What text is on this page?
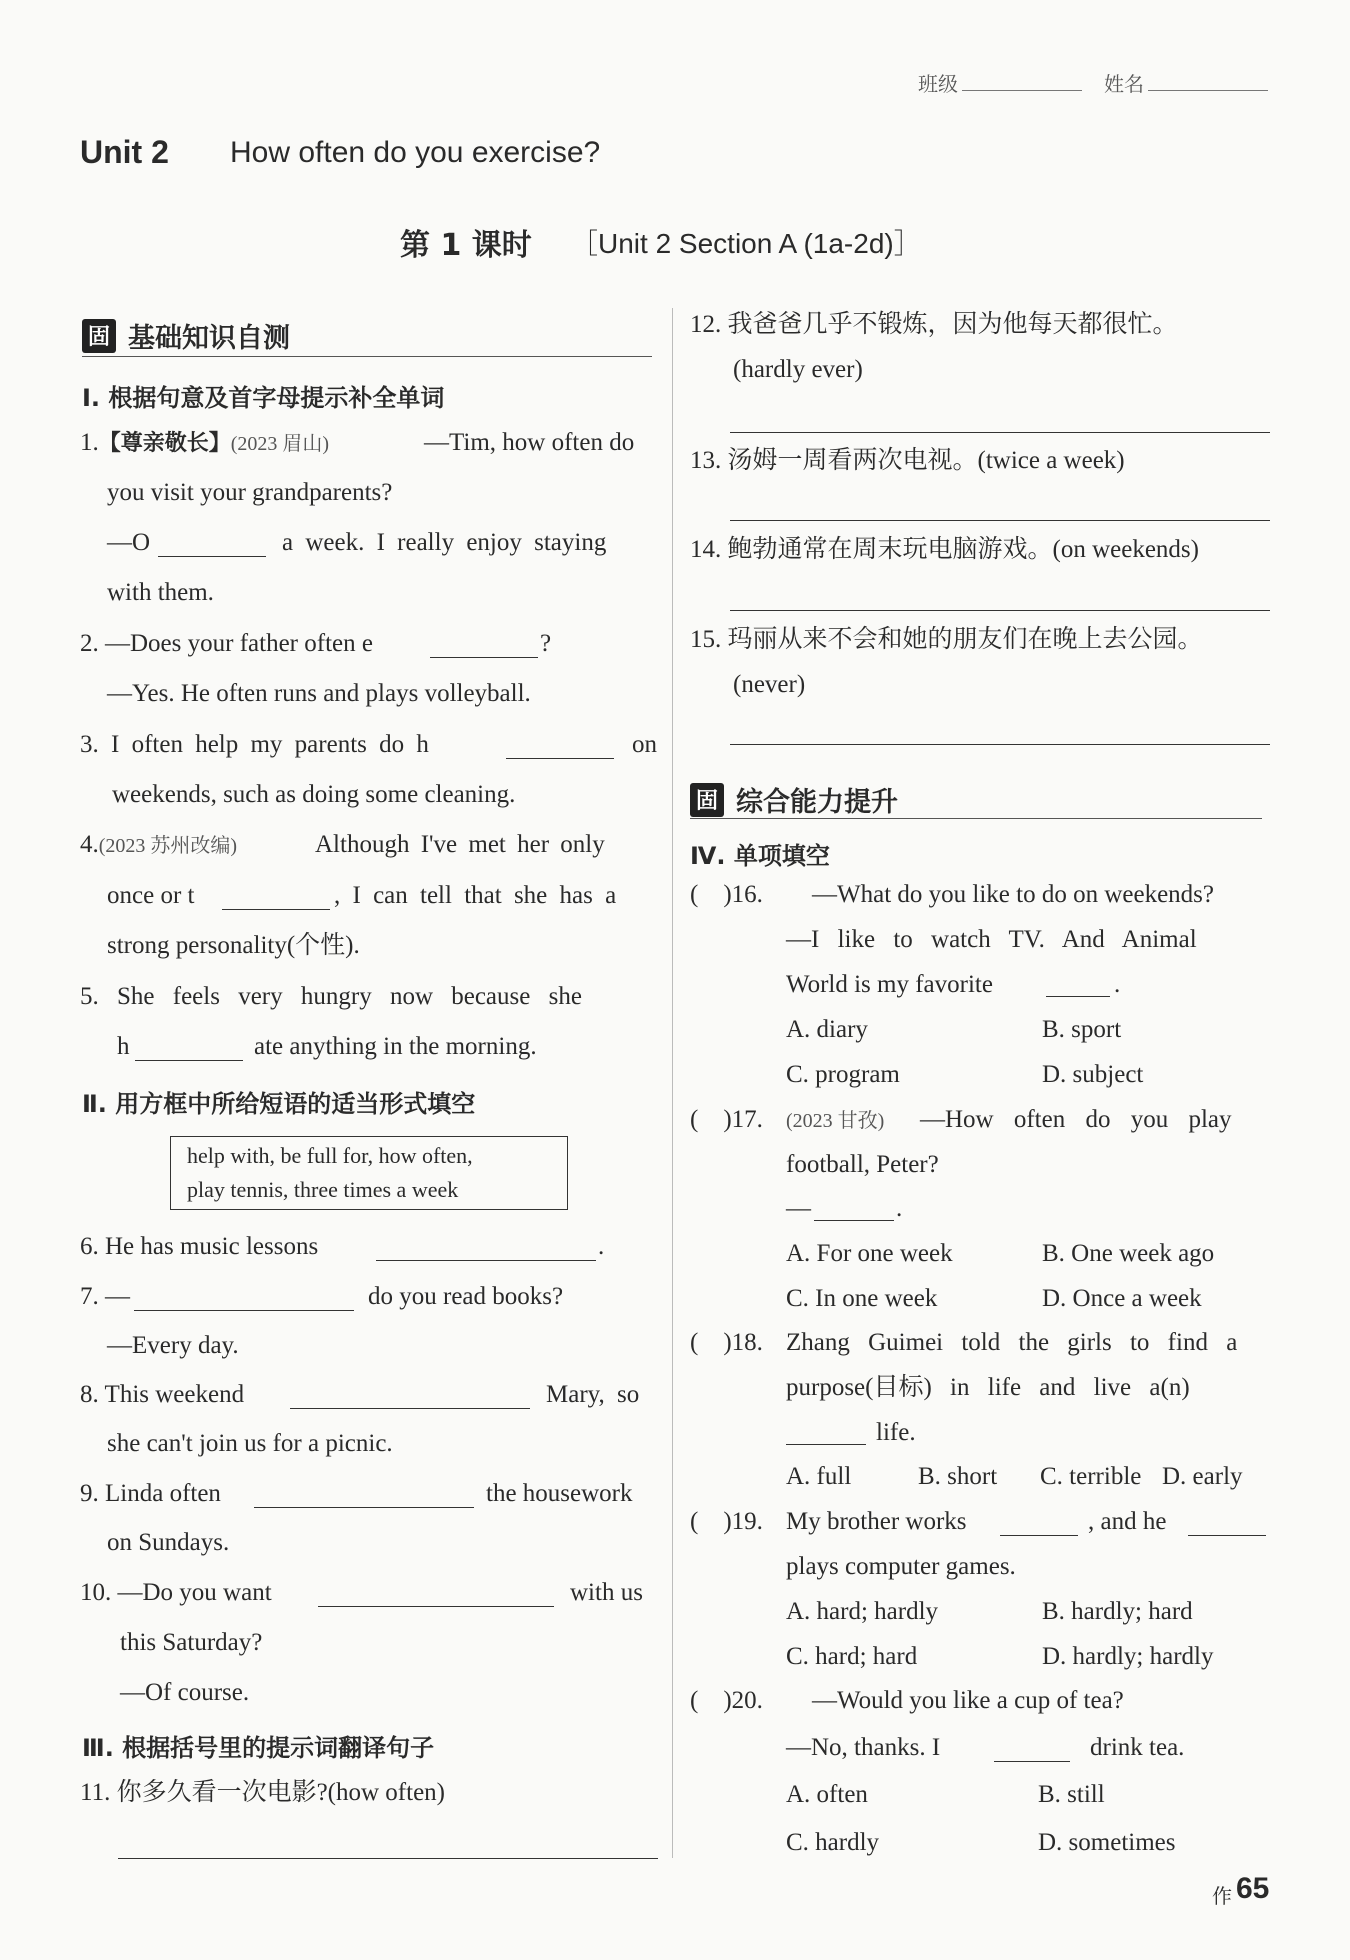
班级	姓名
Unit 2 How often do you exercise?
第 1 课时 ［Unit 2 Section A (1a-2d)］
固 基础知识自测
Ⅰ. 根据句意及首字母提示补全单词
1.【尊亲敬长】(2023 眉山)	—Tim, how often do
you visit your grandparents?
—O	a week. I really enjoy staying
with them.
2. —Does your father often e	?
—Yes. He often runs and plays volleyball.
3. I often help my parents do h	on
weekends, such as doing some cleaning.
4.(2023 苏州改编)	Although I've met her only
once or t	, I can tell that she has a
strong personality(个性).
5. She feels very hungry now because she
h	ate anything in the morning.
Ⅱ. 用方框中所给短语的适当形式填空
help with, be full for, how often,
play tennis, three times a week
6. He has music lessons	.
7. —	do you read books?
—Every day.
8. This weekend	Mary, so
she can't join us for a picnic.
9. Linda often	the housework
on Sundays.
10. —Do you want	with us
this Saturday?
—Of course.
Ⅲ. 根据括号里的提示词翻译句子
11. 你多久看一次电影?(how often)
12. 我爸爸几乎不锻炼，因为他每天都很忙。
(hardly ever)
13. 汤姆一周看两次电视。(twice a week)
14. 鲍勃通常在周末玩电脑游戏。(on weekends)
15. 玛丽从来不会和她的朋友们在晚上去公园。
(never)
固 综合能力提升
Ⅳ. 单项填空
(　)16. —What do you like to do on weekends?
—I like to watch TV. And Animal
World is my favorite	.
A. diary	B. sport
C. program	D. subject
(　)17. (2023 甘孜) —How often do you play
football, Peter?
—	.
A. For one week	B. One week ago
C. In one week	D. Once a week
(　)18. Zhang Guimei told the girls to find a
purpose(目标) in life and live a(n)
life.
A. full	B. short C. terrible D. early
(　)19. My brother works	, and he
plays computer games.
A. hard; hardly	B. hardly; hard
C. hard; hard	D. hardly; hardly
(　)20. —Would you like a cup of tea?
—No, thanks. I	drink tea.
A. often	B. still
C. hardly	D. sometimes
作 65
